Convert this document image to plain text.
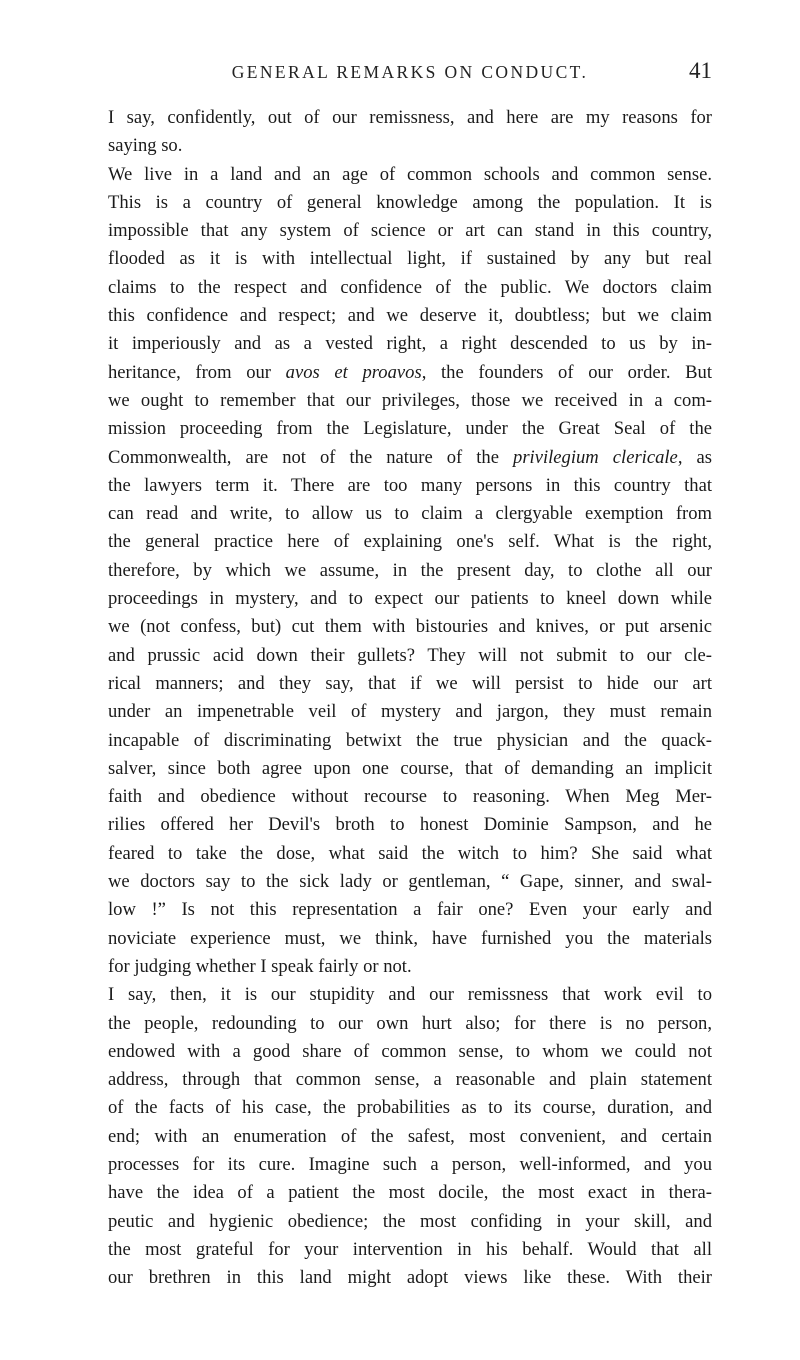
GENERAL REMARKS ON CONDUCT.	41
I say, confidently, out of our remissness, and here are my reasons for
saying so.
We live in a land and an age of common schools and common sense.
This is a country of general knowledge among the population. It is
impossible that any system of science or art can stand in this country,
flooded as it is with intellectual light, if sustained by any but real
claims to the respect and confidence of the public. We doctors claim
this confidence and respect; and we deserve it, doubtless; but we claim
it imperiously and as a vested right, a right descended to us by in-
heritance, from our avos et proavos, the founders of our order. But
we ought to remember that our privileges, those we received in a com-
mission proceeding from the Legislature, under the Great Seal of the
Commonwealth, are not of the nature of the privilegium clericale, as
the lawyers term it. There are too many persons in this country that
can read and write, to allow us to claim a clergyable exemption from
the general practice here of explaining one's self. What is the right,
therefore, by which we assume, in the present day, to clothe all our
proceedings in mystery, and to expect our patients to kneel down while
we (not confess, but) cut them with bistouries and knives, or put arsenic
and prussic acid down their gullets? They will not submit to our cle-
rical manners; and they say, that if we will persist to hide our art
under an impenetrable veil of mystery and jargon, they must remain
incapable of discriminating betwixt the true physician and the quack-
salver, since both agree upon one course, that of demanding an implicit
faith and obedience without recourse to reasoning. When Meg Mer-
rilies offered her Devil's broth to honest Dominie Sampson, and he
feared to take the dose, what said the witch to him? She said what
we doctors say to the sick lady or gentleman, “ Gape, sinner, and swal-
low !” Is not this representation a fair one? Even your early and
noviciate experience must, we think, have furnished you the materials
for judging whether I speak fairly or not.
I say, then, it is our stupidity and our remissness that work evil to
the people, redounding to our own hurt also; for there is no person,
endowed with a good share of common sense, to whom we could not
address, through that common sense, a reasonable and plain statement
of the facts of his case, the probabilities as to its course, duration, and
end; with an enumeration of the safest, most convenient, and certain
processes for its cure. Imagine such a person, well-informed, and you
have the idea of a patient the most docile, the most exact in thera-
peutic and hygienic obedience; the most confiding in your skill, and
the most grateful for your intervention in his behalf. Would that all
our brethren in this land might adopt views like these. With their
